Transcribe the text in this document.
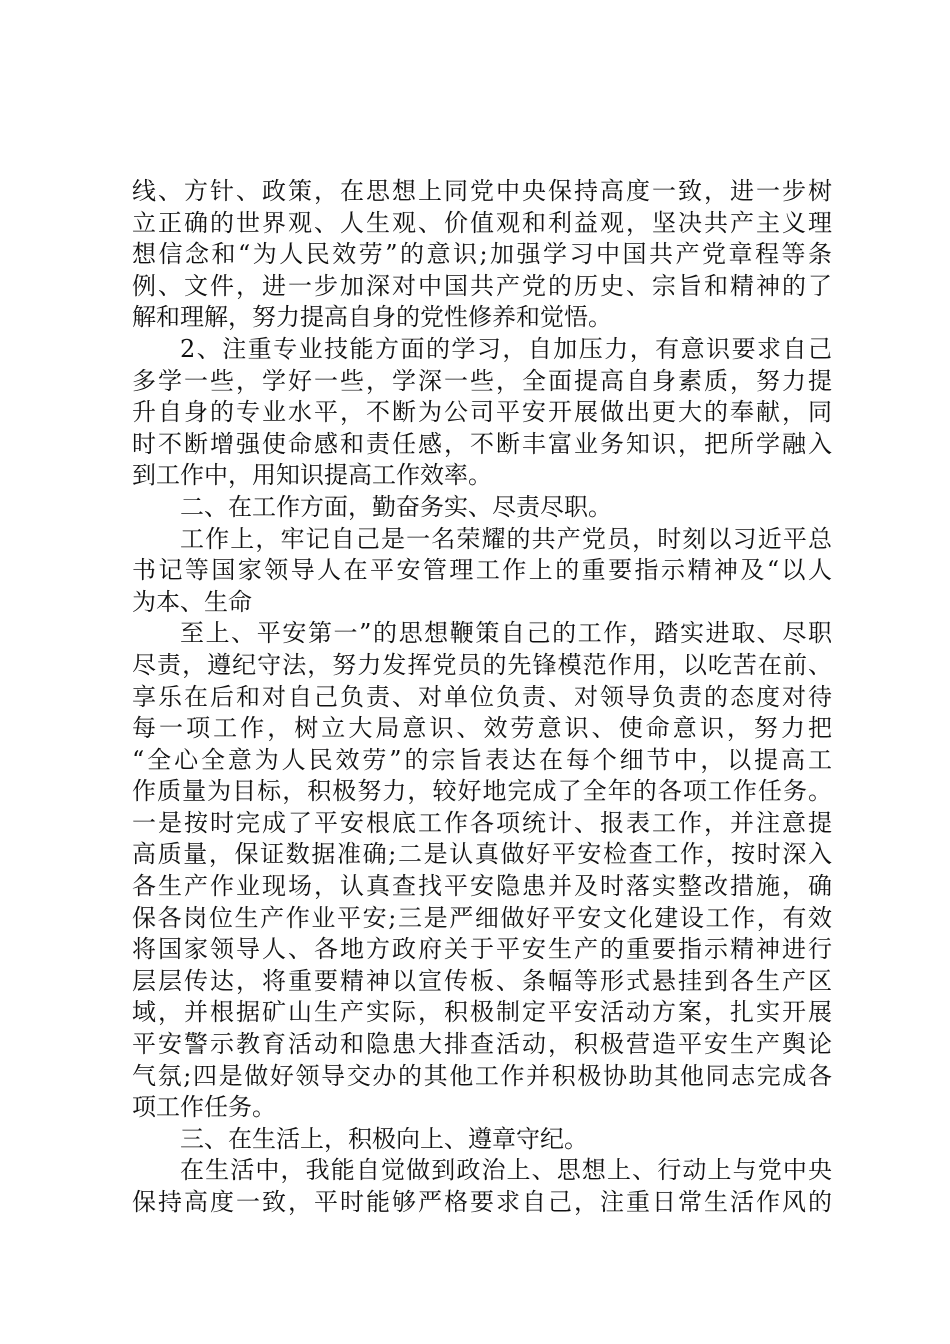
线、方针、政策，在思想上同党中央保持高度一致，进一步树
立正确的世界观、人生观、价值观和利益观，坚决共产主义理
想信念和“为人民效劳”的意识;加强学习中国共产党章程等条
例、文件，进一步加深对中国共产党的历史、宗旨和精神的了
解和理解，努力提高自身的党性修养和觉悟。
2、注重专业技能方面的学习，自加压力，有意识要求自己
多学一些，学好一些，学深一些，全面提高自身素质，努力提
升自身的专业水平，不断为公司平安开展做出更大的奉献，同
时不断增强使命感和责任感，不断丰富业务知识，把所学融入
到工作中，用知识提高工作效率。
二、在工作方面，勤奋务实、尽责尽职。
工作上，牢记自己是一名荣耀的共产党员，时刻以习近平总
书记等国家领导人在平安管理工作上的重要指示精神及“以人
为本、生命
至上、平安第一”的思想鞭策自己的工作，踏实进取、尽职
尽责，遵纪守法，努力发挥党员的先锋模范作用，以吃苦在前、
享乐在后和对自己负责、对单位负责、对领导负责的态度对待
每一项工作，树立大局意识、效劳意识、使命意识，努力把
“全心全意为人民效劳”的宗旨表达在每个细节中，以提高工
作质量为目标，积极努力，较好地完成了全年的各项工作任务。
一是按时完成了平安根底工作各项统计、报表工作，并注意提
高质量，保证数据准确;二是认真做好平安检查工作，按时深入
各生产作业现场，认真查找平安隐患并及时落实整改措施，确
保各岗位生产作业平安;三是严细做好平安文化建设工作，有效
将国家领导人、各地方政府关于平安生产的重要指示精神进行
层层传达，将重要精神以宣传板、条幅等形式悬挂到各生产区
域，并根据矿山生产实际，积极制定平安活动方案，扎实开展
平安警示教育活动和隐患大排查活动，积极营造平安生产舆论
气氛;四是做好领导交办的其他工作并积极协助其他同志完成各
项工作任务。
三、在生活上，积极向上、遵章守纪。
在生活中，我能自觉做到政治上、思想上、行动上与党中央
保持高度一致，平时能够严格要求自己，注重日常生活作风的
